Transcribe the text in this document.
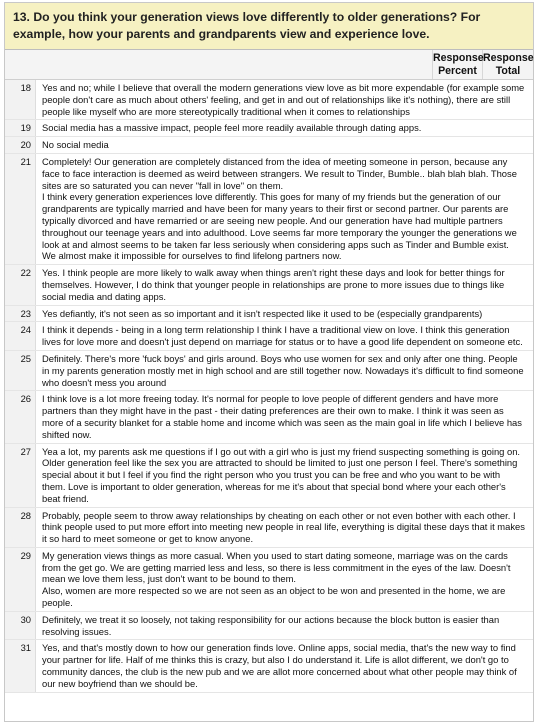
13. Do you think your generation views love differently to older generations? For example, how your parents and grandparents view and experience love.
Response Percent
Response Total
18	Yes and no; while I believe that overall the modern generations view love as bit more expendable (for example some people don't care as much about others' feeling, and get in and out of relationships like it's nothing), there are still people like myself who are more stereotypically traditional when it comes to relationships
19	Social media has a massive impact, people feel more readily available through dating apps.
20	No social media
21	Completely! Our generation are completely distanced from the idea of meeting someone in person, because any face to face interaction is deemed as weird between strangers. We result to Tinder, Bumble.. blah blah blah. Those sites are so saturated you can never "fall in love" on them.
I think every generation experiences love differently. This goes for many of my friends but the generation of our grandparents are typically married and have been for many years to their first or second partner. Our parents are typically divorced and have remarried or are seeing new people. And our generation have had multiple partners throughout our teenage years and into adulthood. Love seems far more temporary the younger the generations we look at and almost seems to be taken far less seriously when considering apps such as Tinder and Bumble exist. We almost make it impossible for ourselves to find lifelong partners now.
22	Yes. I think people are more likely to walk away when things aren't right these days and look for better things for themselves. However, I do think that younger people in relationships are prone to more issues due to things like social media and dating apps.
23	Yes defiantly, it's not seen as so important and it isn't respected like it used to be (especially grandparents)
24	I think it depends - being in a long term relationship I think I have a traditional view on love. I think this generation lives for love more and doesn't just depend on marriage for status or to have a good life dependent on someone etc.
25	Definitely. There's more 'fuck boys' and girls around. Boys who use women for sex and only after one thing. People in my parents generation mostly met in high school and are still together now. Nowadays it's difficult to find someone who doesn't mess you around
26	I think love is a lot more freeing today. It's normal for people to love people of different genders and have more partners than they might have in the past - their dating preferences are their own to make. I think it was seen as more of a security blanket for a stable home and income which was seen as the main goal in life which I believe has shifted now.
27	Yea a lot, my parents ask me questions if I go out with a girl who is just my friend suspecting something is going on. Older generation feel like the sex you are attracted to should be limited to just one person I feel. There's something special about it but I feel if you find the right person who you trust you can be free and who you want to be with them. Love is important to older generation, whereas for me it's about that special bond where your each other's beat friend.
28	Probably, people seem to throw away relationships by cheating on each other or not even bother with each other. I think people used to put more effort into meeting new people in real life, everything is digital these days that it makes it so hard to meet someone or get to know anyone.
29	My generation views things as more casual. When you used to start dating someone, marriage was on the cards from the get go. We are getting married less and less, so there is less commitment in the eyes of the law. Doesn't mean we love them less, just don't want to be bound to them.
Also, women are more respected so we are not seen as an object to be won and presented in the home, we are people.
30	Definitely, we treat it so loosely, not taking responsibility for our actions because the block button is easier than resolving issues.
31	Yes, and that's mostly down to how our generation finds love. Online apps, social media, that's the new way to find your partner for life. Half of me thinks this is crazy, but also I do understand it. Life is allot different, we don't go to community dances, the club is the new pub and we are allot more concerned about what other people may think of our new boyfriend than we should be.
